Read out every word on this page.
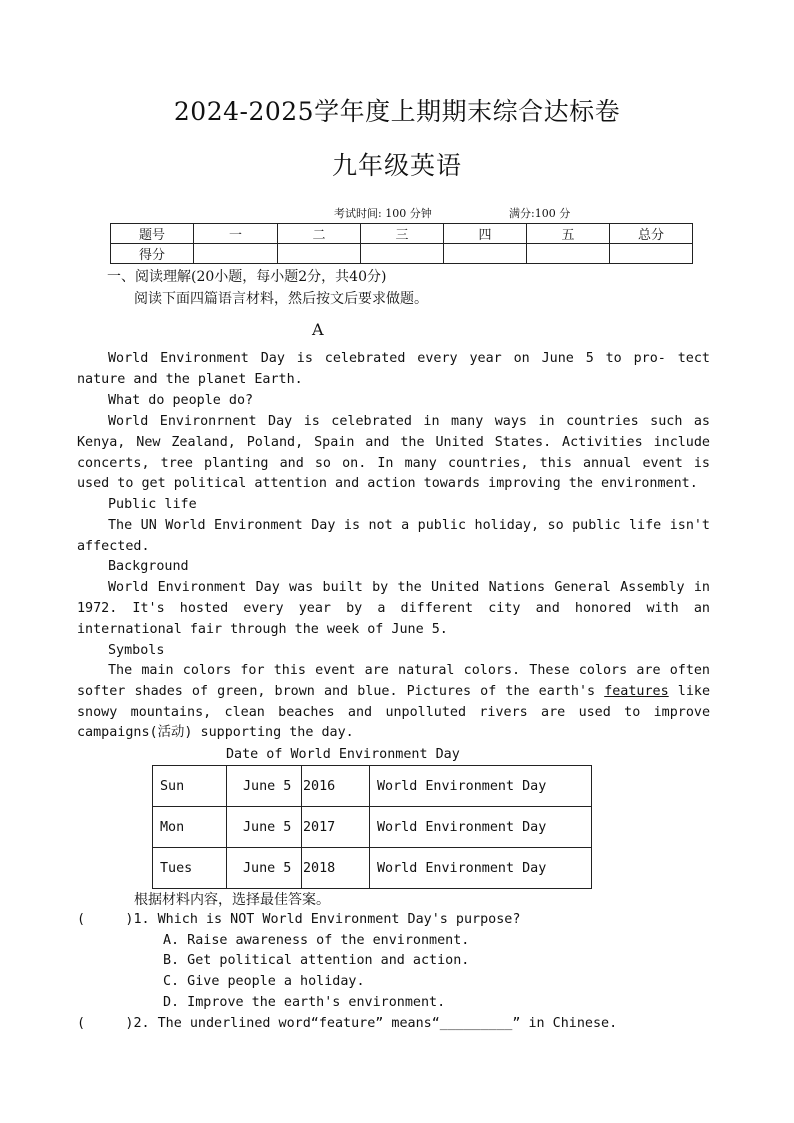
2024-2025学年度上期期末综合达标卷
九年级英语
考试时间: 100 分钟	满分:100 分
题号	一	二	三	四	五	总分
得分						
一、阅读理解(20小题，每小题2分，共40分)
阅读下面四篇语言材料，然后按文后要求做题。
A
World Environment Day is celebrated every year on June 5 to pro- tect nature and the planet Earth.
What do people do?
World Environrnent Day is celebrated in many ways in countries such as Kenya, New Zealand, Poland, Spain and the United States. Activities include concerts, tree planting and so on. In many countries, this annual event is used to get political attention and action towards improving the environment.
Public life
The UN World Environment Day is not a public holiday, so public life isn't affected.
Background
World Environment Day was built by the United Nations General Assembly in 1972. It's hosted every year by a different city and honored with an international fair through the week of June 5.
Symbols
The main colors for this event are natural colors. These colors are often softer shades of green, brown and blue. Pictures of the earth's features like snowy mountains, clean beaches and unpolluted rivers are used to improve campaigns(活动) supporting the day.
Date of World Environment Day
Sun	June 5	2016	World Environment Day
Mon	June 5	2017	World Environment Day
Tues	June 5	2018	World Environment Day
根据材料内容，选择最佳答案。
(     )1. Which is NOT World Environment Day's purpose?
A. Raise awareness of the environment.
B. Get political attention and action.
C. Give people a holiday.
D. Improve the earth's environment.
(     )2. The underlined word“feature” means“_________” in Chinese.
